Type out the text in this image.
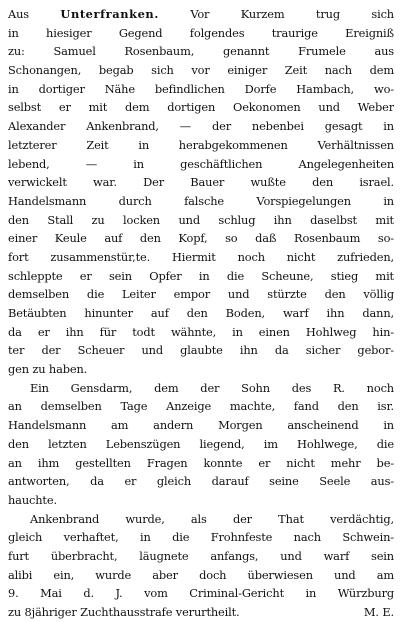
Aus Unterfranken. Vor Kurzem trug sich
in hiesiger Gegend folgendes traurige Ereigniß
zu: Samuel Rosenbaum, genannt Frumele aus
Schonangen, begab sich vor einiger Zeit nach dem
in dortiger Nähe befindlichen Dorfe Hambach, wo-
selbst er mit dem dortigen Oekonomen und Weber
Alexander Ankenbrand, — der nebenbei gesagt in
letzterer Zeit in herabgekommenen Verhältnissen
lebend, — in geschäftlichen Angelegenheiten
verwickelt war. Der Bauer wußte den israel.
Handelsmann durch falsche Vorspiegelungen in
den Stall zu locken und schlug ihn daselbst mit
einer Keule auf den Kopf, so daß Rosenbaum so-
fort zusammenstür,te. Hiermit noch nicht zufrieden,
schleppte er sein Opfer in die Scheune, stieg mit
demselben die Leiter empor und stürzte den völlig
Betäubten hinunter auf den Boden, warf ihn dann,
da er ihn für todt wähnte, in einen Hohlweg hin-
ter der Scheuer und glaubte ihn da sicher gebor-
gen zu haben.
Ein Gensdarm, dem der Sohn des R. noch
an demselben Tage Anzeige machte, fand den isr.
Handelsmann am andern Morgen anscheinend in
den letzten Lebenszügen liegend, im Hohlwege, die
an ihm gestellten Fragen konnte er nicht mehr be-
antworten, da er gleich darauf seine Seele aus-
hauchte.
Ankenbrand wurde, als der That verdächtig,
gleich verhaftet, in die Frohnfeste nach Schwein-
furt überbracht, läugnete anfangs, und warf sein
alibi ein, wurde aber doch überwiesen und am
9. Mai d. J. vom Criminal-Gericht in Würzburg
zu 8jähriger Zuchthausstrafe verurtheilt.	M. E.
